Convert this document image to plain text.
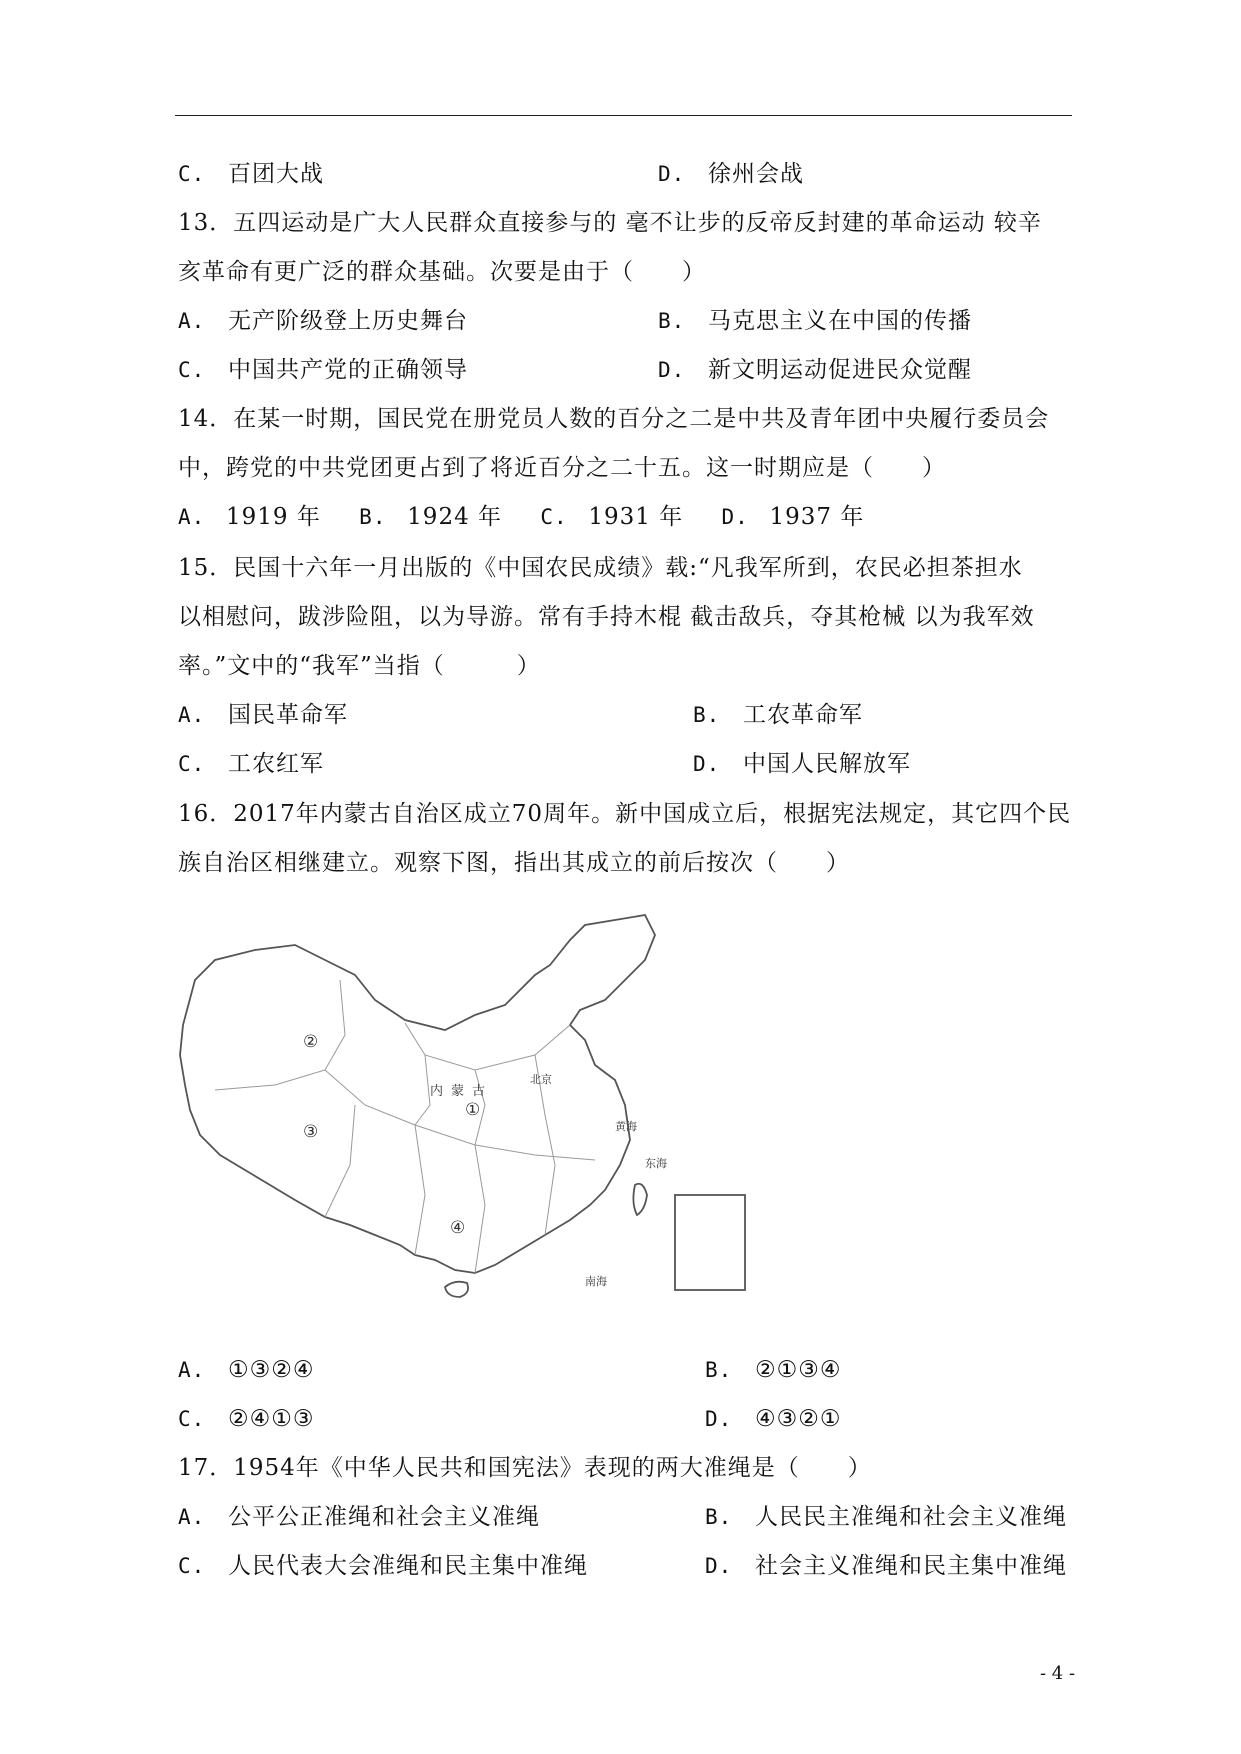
C. 百团大战	D. 徐州会战
13．五四运动是广大人民群众直接参与的 毫不让步的反帝反封建的革命运动 较辛
亥革命有更广泛的群众基础。次要是由于（　　）
A. 无产阶级登上历史舞台	B. 马克思主义在中国的传播
C. 中国共产党的正确领导	D. 新文明运动促进民众觉醒
14．在某一时期，国民党在册党员人数的百分之二是中共及青年团中央履行委员会
中，跨党的中共党团更占到了将近百分之二十五。这一时期应是（　　）
A. 1919 年 B. 1924 年 C. 1931 年 D. 1937 年
15．民国十六年一月出版的《中国农民成绩》载:“凡我军所到，农民必担茶担水
以相慰问，跋涉险阻，以为导游。常有手持木棍 截击敌兵，夺其枪械 以为我军效
率。”文中的“我军”当指（　　　）
A. 国民革命军	B. 工农革命军
C. 工农红军	D. 中国人民解放军
16．2017年内蒙古自治区成立70周年。新中国成立后，根据宪法规定，其它四个民
族自治区相继建立。观察下图，指出其成立的前后按次（　　）
②
①
③
④
内蒙古
北京
黄海
东海
南海
A. ①③②④	B. ②①③④
C. ②④①③	D. ④③②①
17．1954年《中华人民共和国宪法》表现的两大准绳是（　　）
A. 公平公正准绳和社会主义准绳	B. 人民民主准绳和社会主义准绳
C. 人民代表大会准绳和民主集中准绳	D. 社会主义准绳和民主集中准绳
- 4 -
